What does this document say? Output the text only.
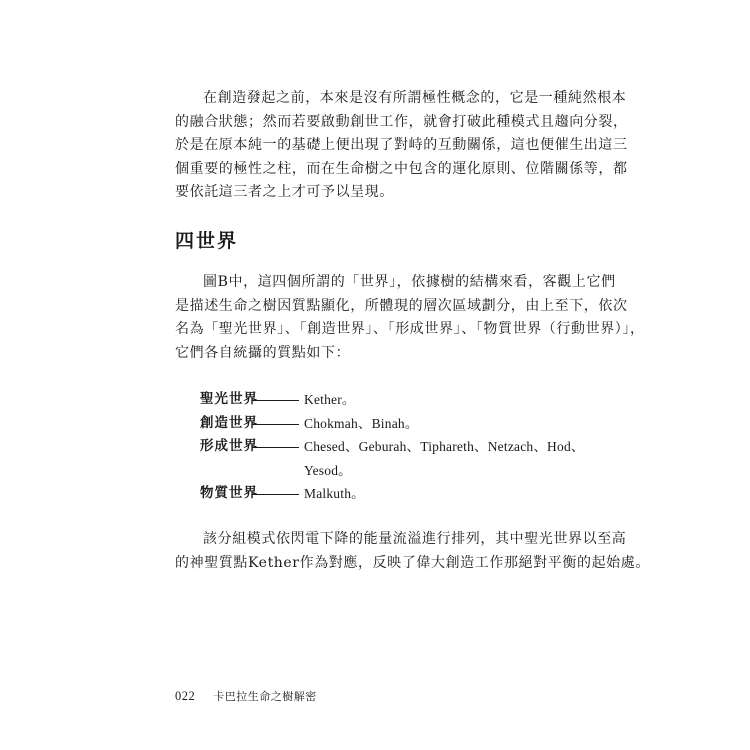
在創造發起之前，本來是沒有所謂極性概念的，它是一種純然根本
的融合狀態；然而若要啟動創世工作，就會打破此種模式且趨向分裂，
於是在原本純一的基礎上便出現了對峙的互動關係，這也便催生出這三
個重要的極性之柱，而在生命樹之中包含的運化原則、位階關係等，都
要依託這三者之上才可予以呈現。
四世界
圖B中，這四個所謂的「世界」，依據樹的結構來看，客觀上它們
是描述生命之樹因質點顯化，所體現的層次區域劃分，由上至下，依次
名為「聖光世界」、「創造世界」、「形成世界」、「物質世界（行動世界）」，
它們各自統攝的質點如下：
聖光世界	Kether。
創造世界	Chokmah、Binah。
形成世界	Chesed、Geburah、Tiphareth、Netzach、Hod、
Yesod。
物質世界	Malkuth。
該分組模式依閃電下降的能量流溢進行排列，其中聖光世界以至高
的神聖質點Kether作為對應，反映了偉大創造工作那絕對平衡的起始處。
022 卡巴拉生命之樹解密
